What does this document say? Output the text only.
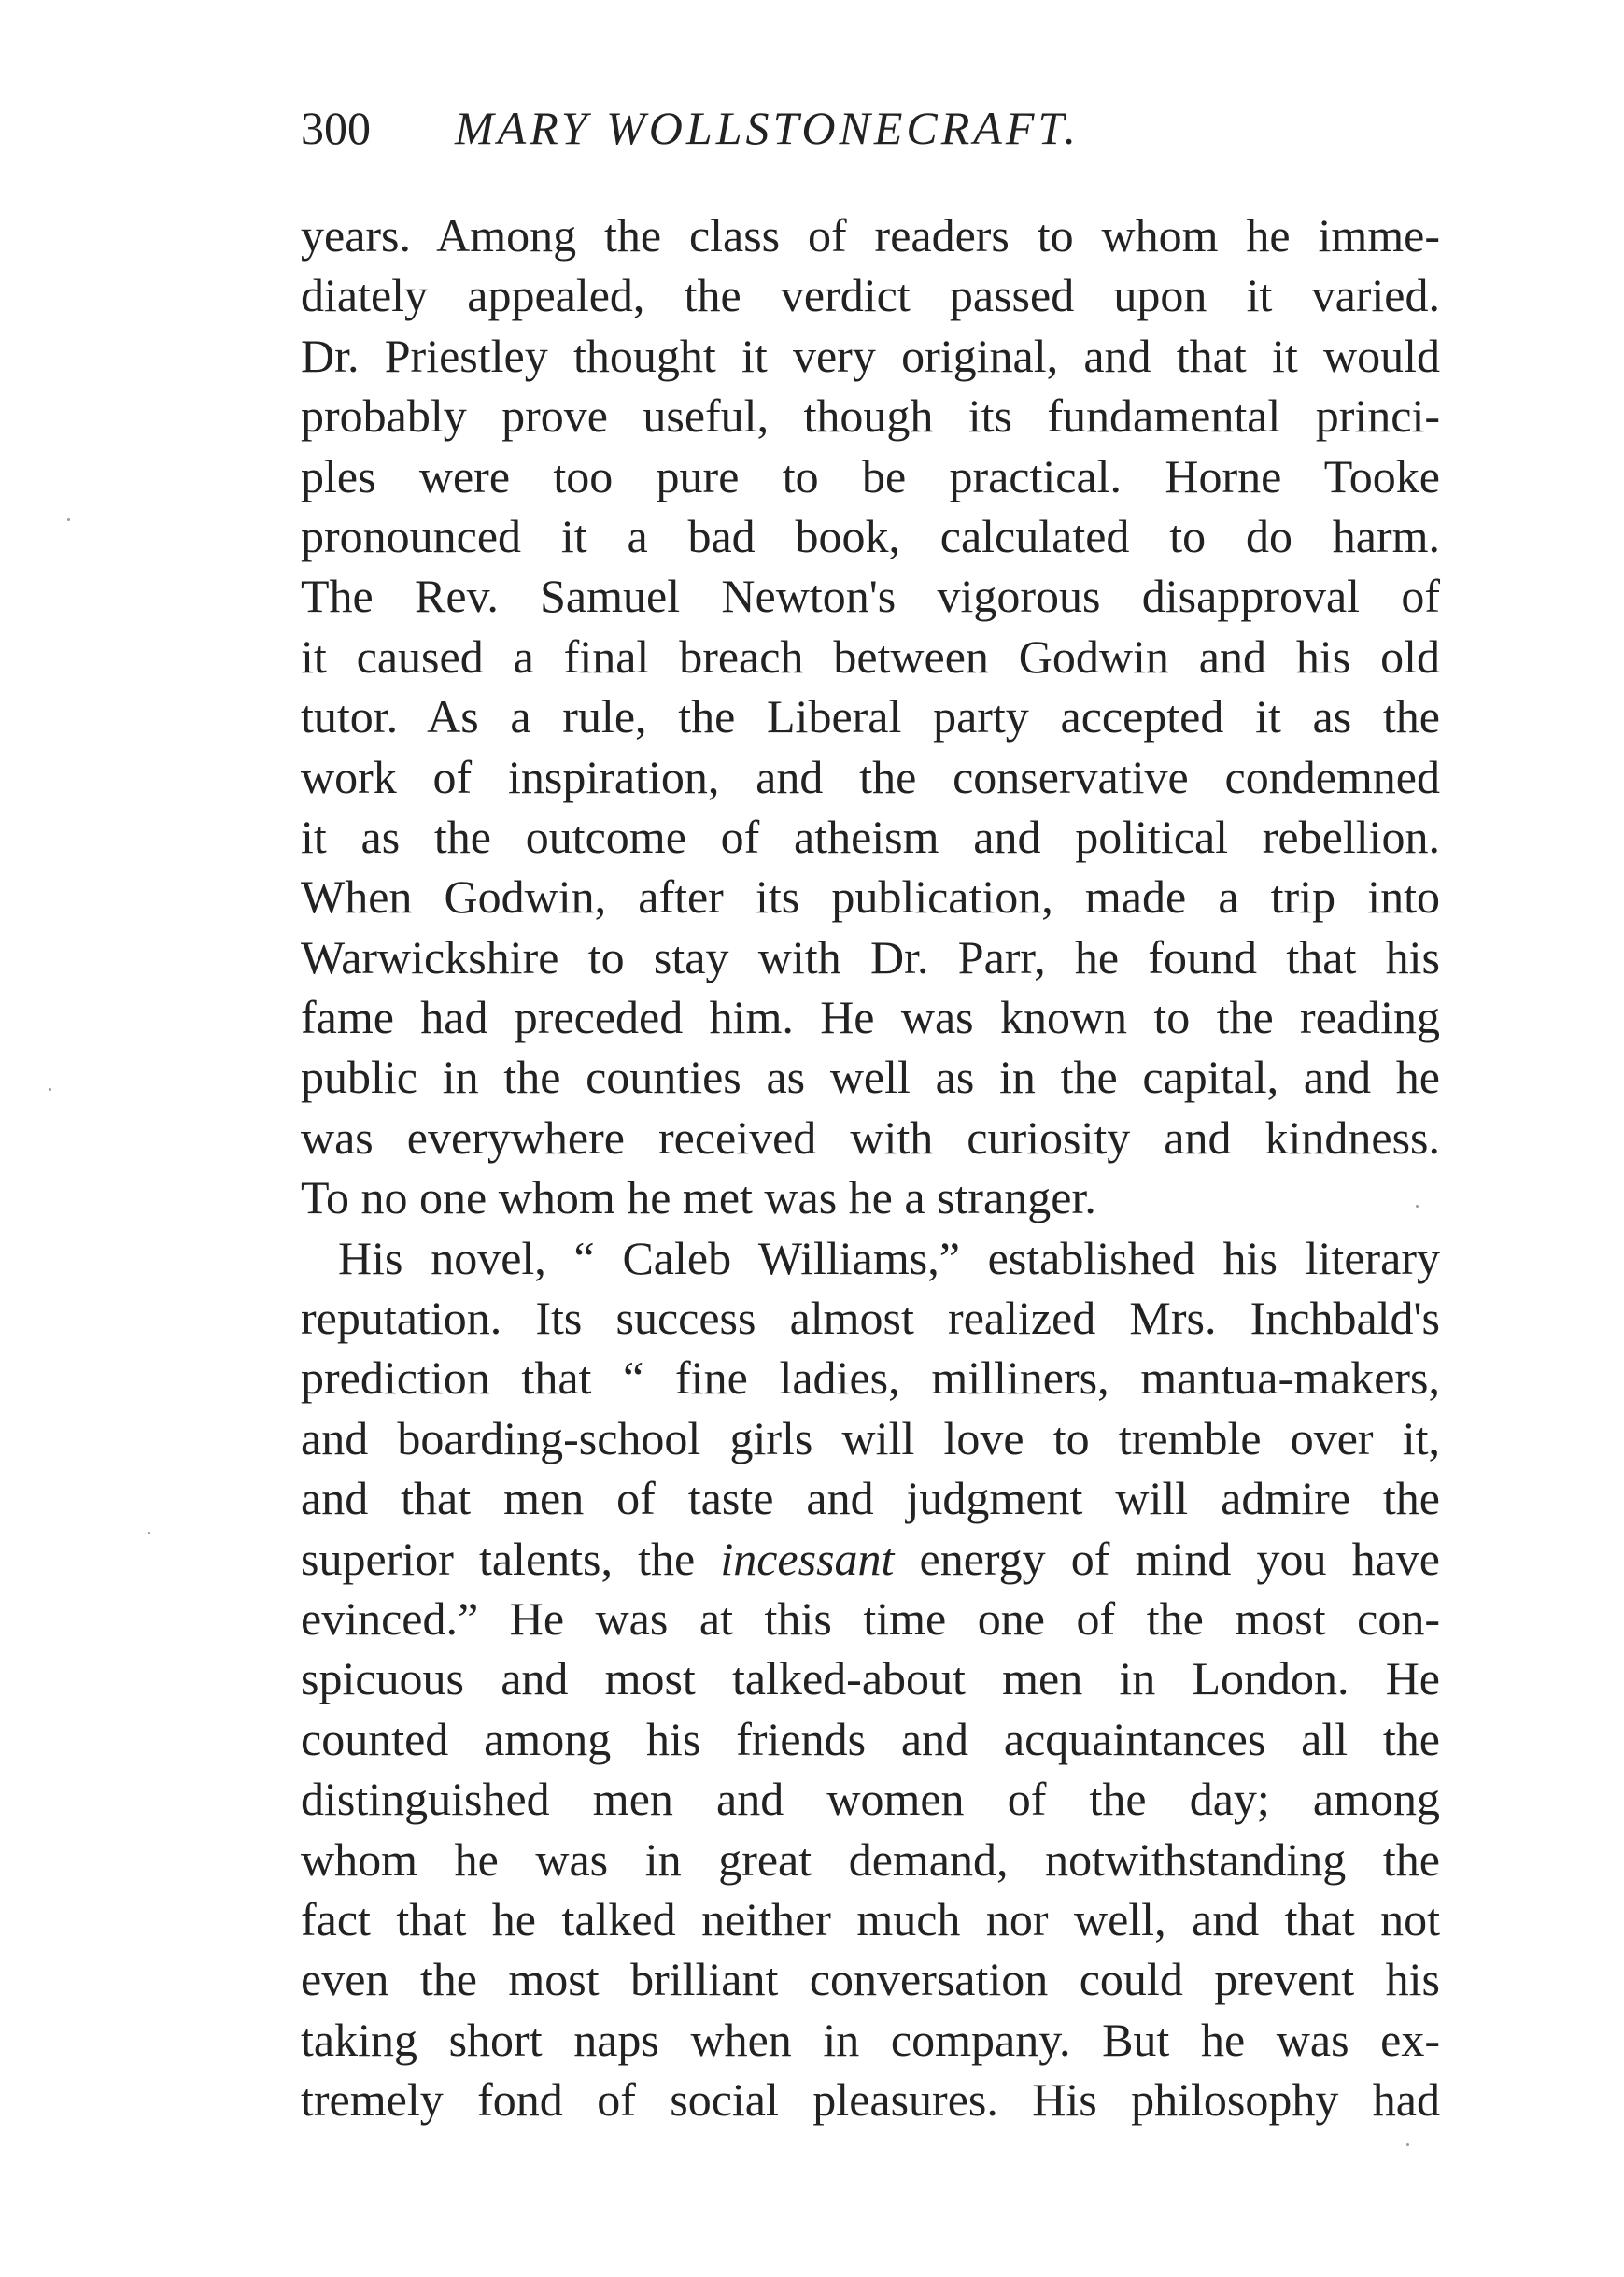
300 MARY WOLLSTONECRAFT.
years. Among the class of readers to whom he imme-
diately appealed, the verdict passed upon it varied.
Dr. Priestley thought it very original, and that it would
probably prove useful, though its fundamental princi-
ples were too pure to be practical. Horne Tooke
pronounced it a bad book, calculated to do harm.
The Rev. Samuel Newton's vigorous disapproval of
it caused a final breach between Godwin and his old
tutor. As a rule, the Liberal party accepted it as the
work of inspiration, and the conservative condemned
it as the outcome of atheism and political rebellion.
When Godwin, after its publication, made a trip into
Warwickshire to stay with Dr. Parr, he found that his
fame had preceded him. He was known to the reading
public in the counties as well as in the capital, and he
was everywhere received with curiosity and kindness.
To no one whom he met was he a stranger.
His novel, “ Caleb Williams,” established his literary
reputation. Its success almost realized Mrs. Inchbald's
prediction that “ fine ladies, milliners, mantua-makers,
and boarding-school girls will love to tremble over it,
and that men of taste and judgment will admire the
superior talents, the incessant energy of mind you have
evinced.” He was at this time one of the most con-
spicuous and most talked-about men in London. He
counted among his friends and acquaintances all the
distinguished men and women of the day; among
whom he was in great demand, notwithstanding the
fact that he talked neither much nor well, and that not
even the most brilliant conversation could prevent his
taking short naps when in company. But he was ex-
tremely fond of social pleasures. His philosophy had
